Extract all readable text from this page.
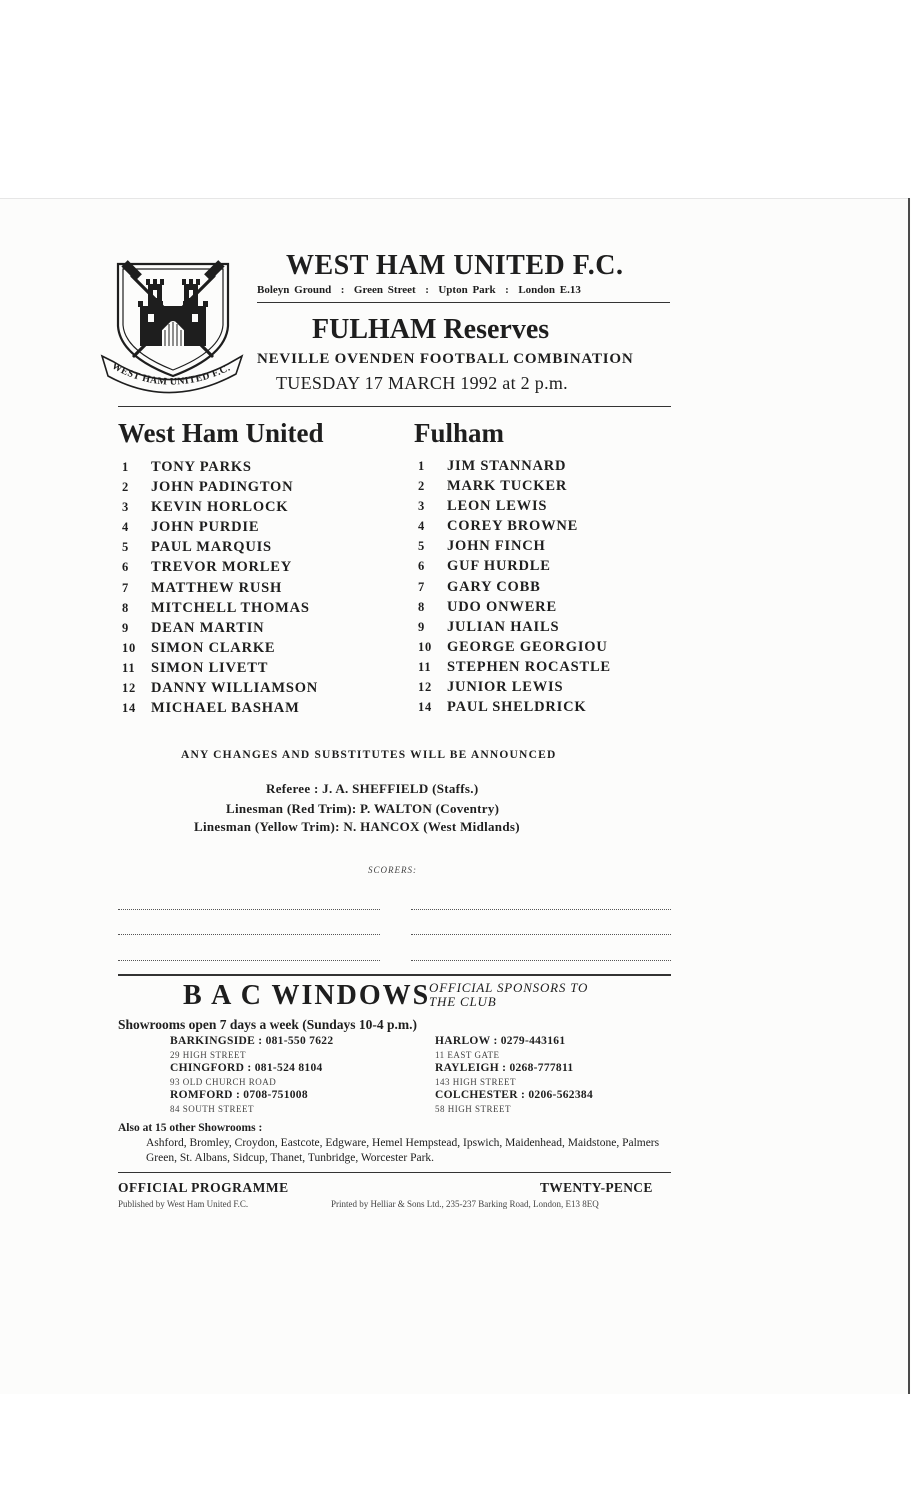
WEST HAM UNITED F.C.
WEST HAM UNITED F.C.
Boleyn Ground  :  Green Street  :  Upton Park  :  London E.13
FULHAM Reserves
NEVILLE OVENDEN FOOTBALL COMBINATION
TUESDAY 17 MARCH 1992 at 2 p.m.
West Ham United	Fulham
1 TONY PARKS
2 JOHN PADINGTON
3 KEVIN HORLOCK
4 JOHN PURDIE
5 PAUL MARQUIS
6 TREVOR MORLEY
7 MATTHEW RUSH
8 MITCHELL THOMAS
9 DEAN MARTIN
10 SIMON CLARKE
11 SIMON LIVETT
12 DANNY WILLIAMSON
14 MICHAEL BASHAM
1 JIM STANNARD
2 MARK TUCKER
3 LEON LEWIS
4 COREY BROWNE
5 JOHN FINCH
6 GUF HURDLE
7 GARY COBB
8 UDO ONWERE
9 JULIAN HAILS
10 GEORGE GEORGIOU
11 STEPHEN ROCASTLE
12 JUNIOR LEWIS
14 PAUL SHELDRICK
ANY CHANGES AND SUBSTITUTES WILL BE ANNOUNCED
Referee : J. A. SHEFFIELD (Staffs.)
Linesman (Red Trim): P. WALTON (Coventry)
Linesman (Yellow Trim): N. HANCOX (West Midlands)
SCORERS:
B A C WINDOWS
OFFICIAL SPONSORS TO THE CLUB
Showrooms open 7 days a week (Sundays 10-4 p.m.)
BARKINGSIDE : 081-550 7622
29 HIGH STREET
CHINGFORD : 081-524 8104
93 OLD CHURCH ROAD
ROMFORD : 0708-751008
84 SOUTH STREET
HARLOW : 0279-443161
11 EAST GATE
RAYLEIGH : 0268-777811
143 HIGH STREET
COLCHESTER : 0206-562384
58 HIGH STREET
Also at 15 other Showrooms :
Ashford, Bromley, Croydon, Eastcote, Edgware, Hemel Hempstead, Ipswich, Maidenhead, Maidstone, Palmers Green, St. Albans, Sidcup, Thanet, Tunbridge, Worcester Park.
OFFICIAL PROGRAMME	TWENTY-PENCE
Published by West Ham United F.C.	Printed by Helliar & Sons Ltd., 235-237 Barking Road, London, E13 8EQ
